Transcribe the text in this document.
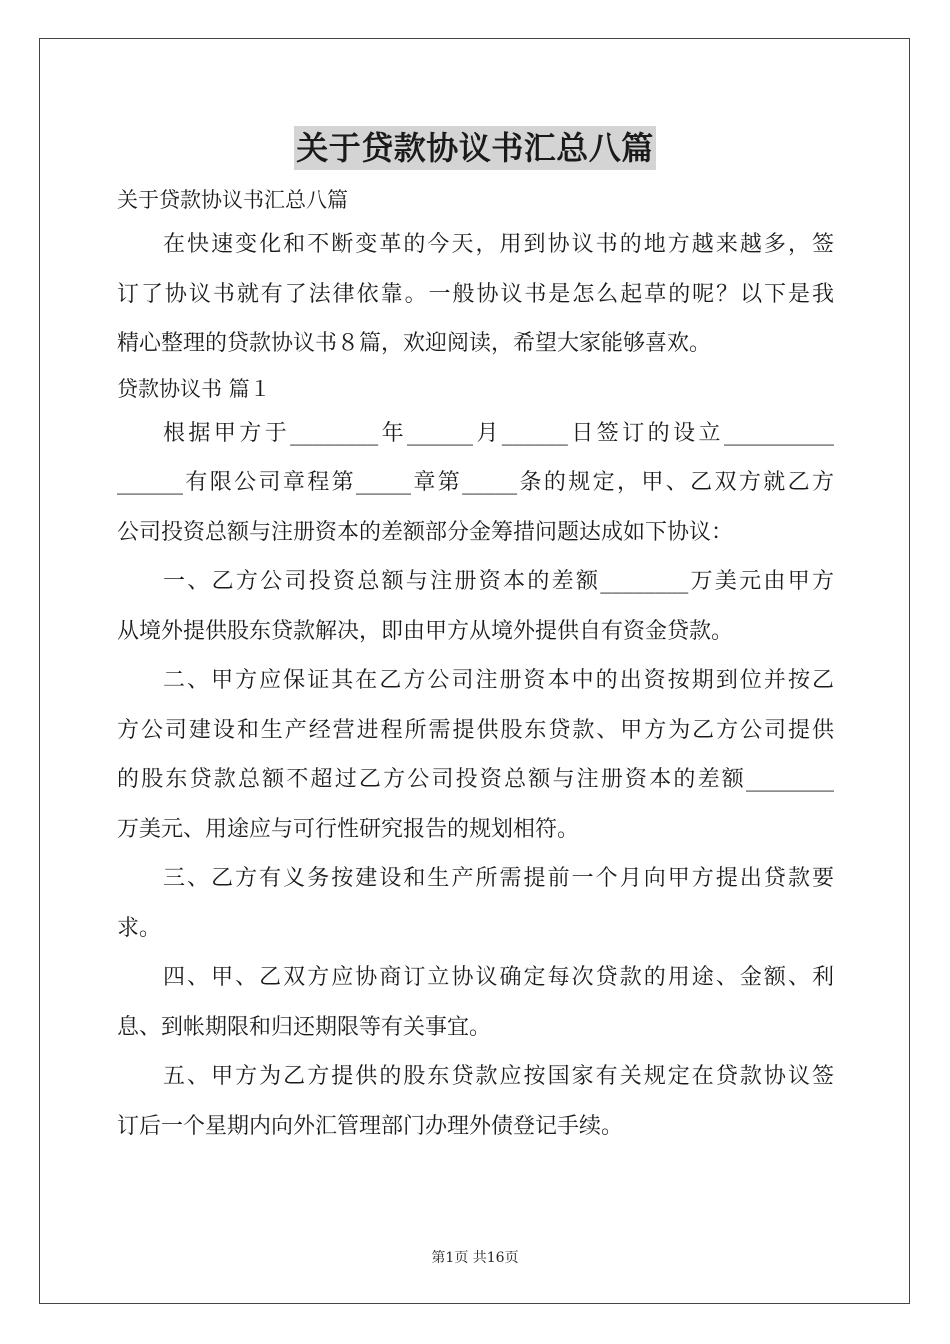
关于贷款协议书汇总八篇
关于贷款协议书汇总八篇
在快速变化和不断变革的今天，用到协议书的地方越来越多，签
订了协议书就有了法律依靠。一般协议书是怎么起草的呢？以下是我
精心整理的贷款协议书８篇，欢迎阅读，希望大家能够喜欢。
贷款协议书 篇１
根据甲方于________年______月______日签订的设立__________
______有限公司章程第_____章第_____条的规定，甲、乙双方就乙方
公司投资总额与注册资本的差额部分金筹措问题达成如下协议：
一、乙方公司投资总额与注册资本的差额________万美元由甲方
从境外提供股东贷款解决，即由甲方从境外提供自有资金贷款。
二、甲方应保证其在乙方公司注册资本中的出资按期到位并按乙
方公司建设和生产经营进程所需提供股东贷款、甲方为乙方公司提供
的股东贷款总额不超过乙方公司投资总额与注册资本的差额________
万美元、用途应与可行性研究报告的规划相符。
三、乙方有义务按建设和生产所需提前一个月向甲方提出贷款要
求。
四、甲、乙双方应协商订立协议确定每次贷款的用途、金额、利
息、到帐期限和归还期限等有关事宜。
五、甲方为乙方提供的股东贷款应按国家有关规定在贷款协议签
订后一个星期内向外汇管理部门办理外债登记手续。
第1页 共16页
